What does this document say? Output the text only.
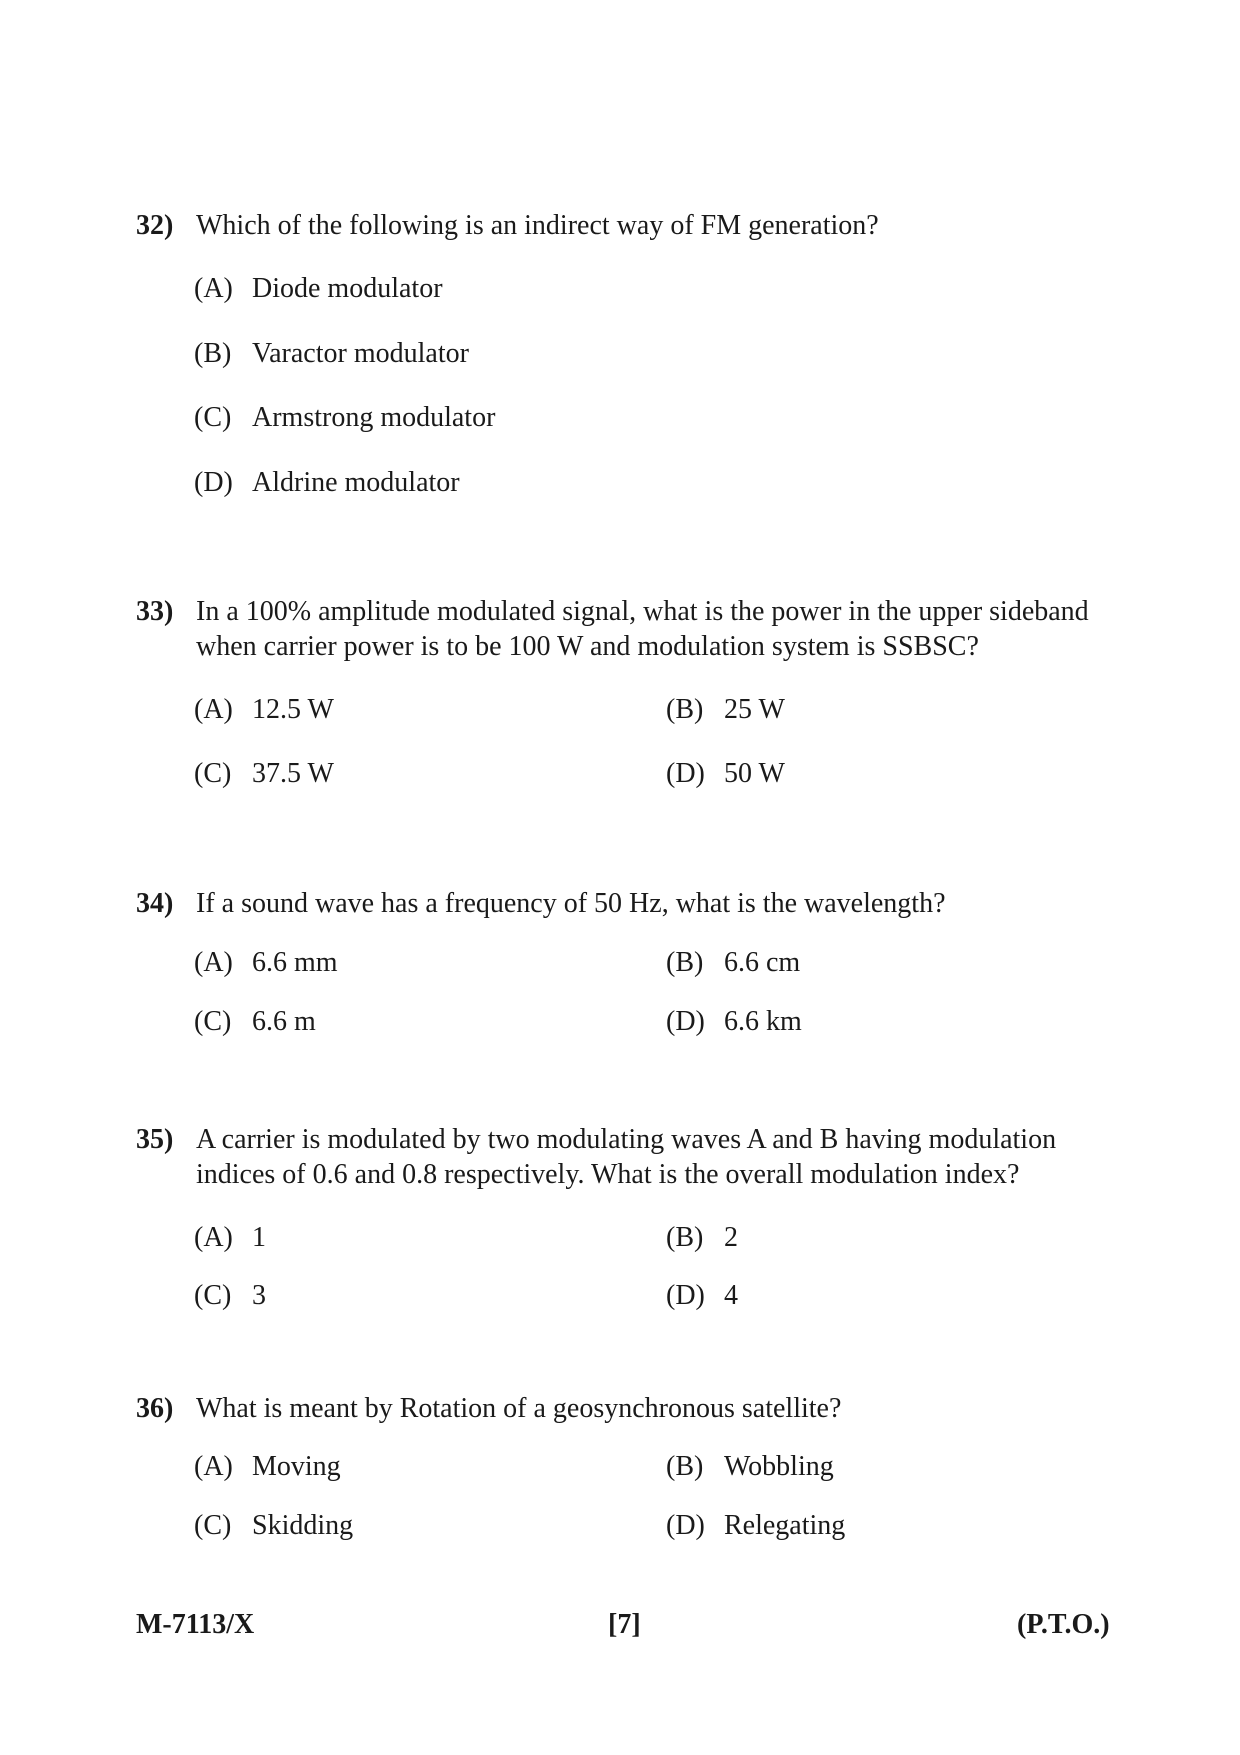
32) Which of the following is an indirect way of FM generation?
(A) Diode modulator
(B) Varactor modulator
(C) Armstrong modulator
(D) Aldrine modulator
33) In a 100% amplitude modulated signal, what is the power in the upper sideband when carrier power is to be 100 W and modulation system is SSBSC?
(A) 12.5 W	(B) 25 W
(C) 37.5 W	(D) 50 W
34) If a sound wave has a frequency of 50 Hz, what is the wavelength?
(A) 6.6 mm	(B) 6.6 cm
(C) 6.6 m	(D) 6.6 km
35) A carrier is modulated by two modulating waves A and B having modulation indices of 0.6 and 0.8 respectively. What is the overall modulation index?
(A) 1	(B) 2
(C) 3	(D) 4
36) What is meant by Rotation of a geosynchronous satellite?
(A) Moving	(B) Wobbling
(C) Skidding	(D) Relegating
M-7113/X	[7]	(P.T.O.)
